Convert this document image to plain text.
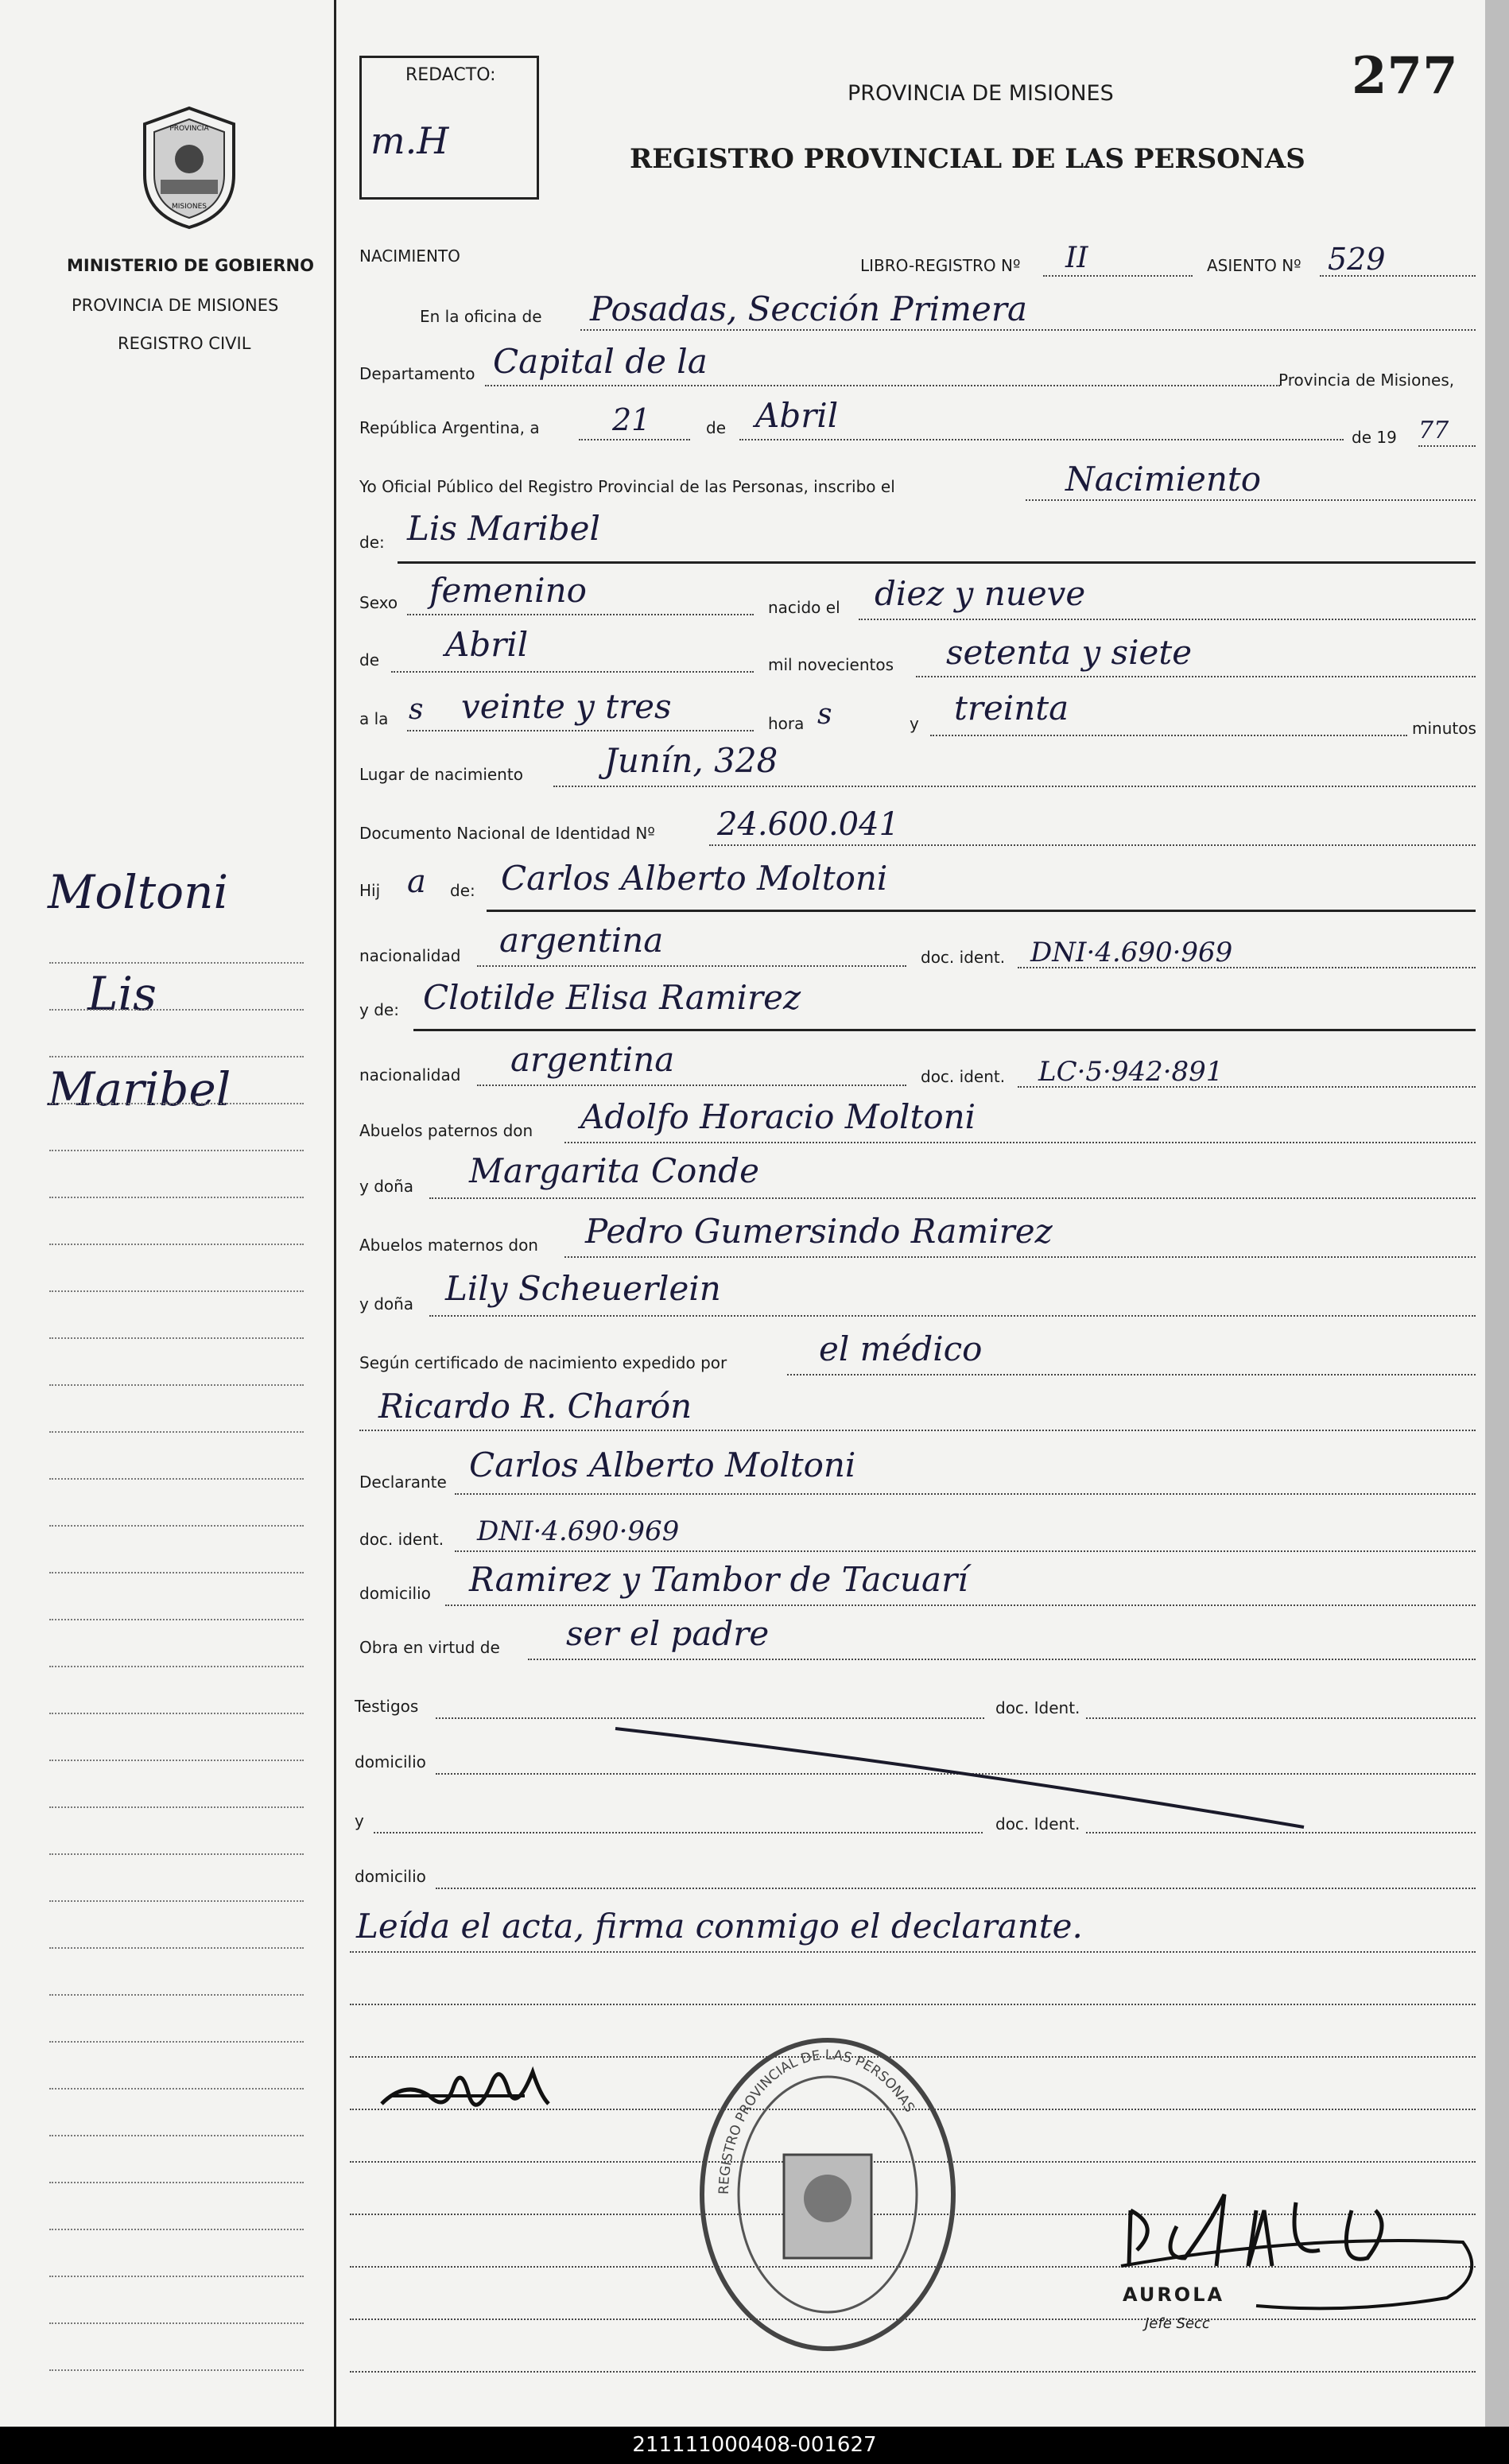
REDACTO:
m.H
277
PROVINCIA DE MISIONES
REGISTRO PROVINCIAL DE LAS PERSONAS
PROVINCIA
MISIONES
MINISTERIO DE GOBIERNO
PROVINCIA DE MISIONES
REGISTRO CIVIL
Moltoni
Lis
Maribel
NACIMIENTO	LIBRO-REGISTRO Nº II	ASIENTO Nº 529
En la oficina de Posadas, Sección Primera
Departamento Capital de la	Provincia de Misiones,
República Argentina, a 21	de Abril
de 19 77
Yo Oficial Público del Registro Provincial de las Personas, inscribo el	Nacimiento
de: Lis Maribel
Sexo femenino	nacido el diez y nueve
de Abril
mil novecientos setenta y siete
a la s veinte y tres	hora s	y treinta
minutos
Lugar de nacimiento Junín, 328
Documento Nacional de Identidad Nº 24.600.041
Hij a de: Carlos Alberto Moltoni
nacionalidad argentina	doc. ident. DNI·4.690·969
y de: Clotilde Elisa Ramirez
nacionalidad argentina	doc. ident. LC·5·942·891
Abuelos paternos don Adolfo Horacio Moltoni
y doña Margarita Conde
Abuelos maternos don Pedro Gumersindo Ramirez
y doña Lily Scheuerlein
Según certificado de nacimiento expedido por	el médico
Ricardo R. Charón
Declarante Carlos Alberto Moltoni
doc. ident. DNI·4.690·969
domicilio Ramirez y Tambor de Tacuarí
Obra en virtud de ser el padre
Testigos	doc. Ident.
domicilio
y	doc. Ident.
domicilio
Leída el acta, firma conmigo el declarante.
REGISTRO PROVINCIAL DE LAS PERSONAS
AUROLA
Jefe Secc
211111000408-001627
